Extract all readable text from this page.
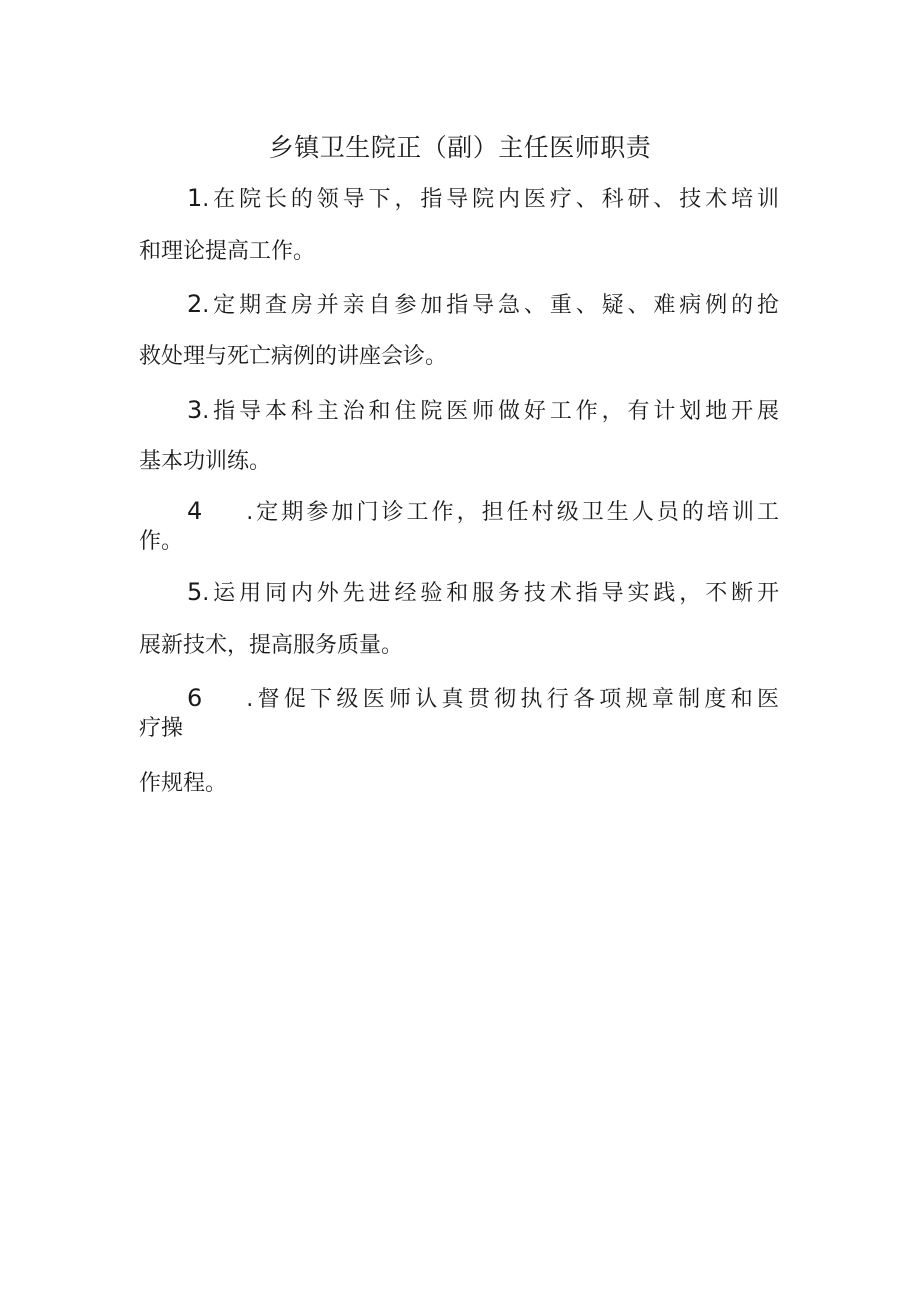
乡镇卫生院正（副）主任医师职责
1.在院长的领导下，指导院内医疗、科研、技术培训
和理论提高工作。
2.定期查房并亲自参加指导急、重、疑、难病例的抢
救处理与死亡病例的讲座会诊。
3.指导本科主治和住院医师做好工作，有计划地开展
基本功训练。
4 .定期参加门诊工作，担任村级卫生人员的培训工
作。
5.运用同内外先进经验和服务技术指导实践，不断开
展新技术，提高服务质量。
6 .督促下级医师认真贯彻执行各项规章制度和医
疗操
作规程。
